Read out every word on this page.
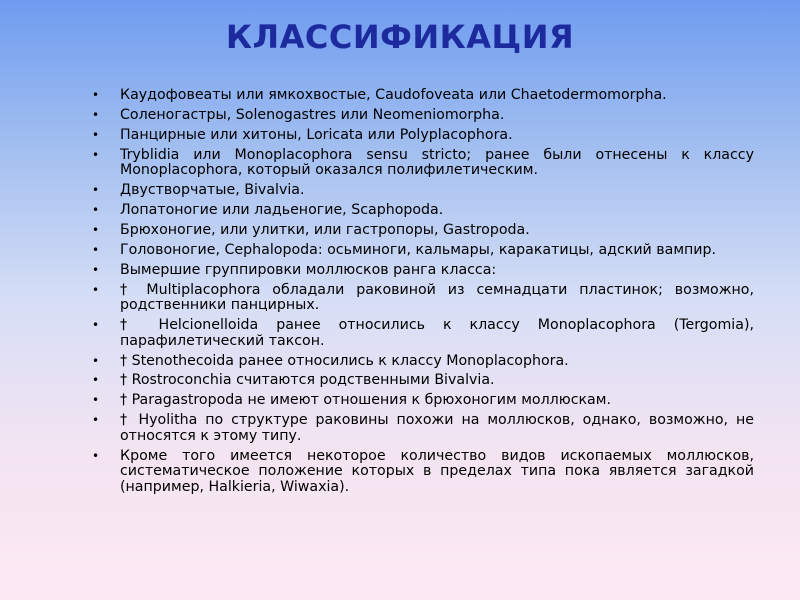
КЛАССИФИКАЦИЯ
• Каудофовеаты или ямкохвостые, Caudofoveata или Chaetodermomorpha.
• Соленогастры, Solenogastres или Neomeniomorpha.
• Панцирные или хитоны, Loricata или Polyplacophora.
• Tryblidia или Monoplacophora sensu stricto; ранее были отнесены к классу Monoplacophora, который оказался полифилетическим.
• Двустворчатые, Bivalvia.
• Лопатоногие или ладьеногие, Scaphopoda.
• Брюхоногие, или улитки, или гастропоры, Gastropoda.
• Головоногие, Cephalopoda: осьминоги, кальмары, каракатицы, адский вампир.
• Вымершие группировки моллюсков ранга класса:
• † Multiplacophora обладали раковиной из семнадцати пластинок; возможно, родственники панцирных.
• † Helcionelloida ранее относились к классу Monoplacophora (Tergomia), парафилетический таксон.
• † Stenothecoida ранее относились к классу Monoplacophora.
• † Rostroconchia считаются родственными Bivalvia.
• † Paragastropoda не имеют отношения к брюхоногим моллюскам.
• † Hyolitha по структуре раковины похожи на моллюсков, однако, возможно, не относятся к этому типу.
• Кроме того имеется некоторое количество видов ископаемых моллюсков, систематическое положение которых в пределах типа пока является загадкой (например, Halkieria, Wiwaxia).
